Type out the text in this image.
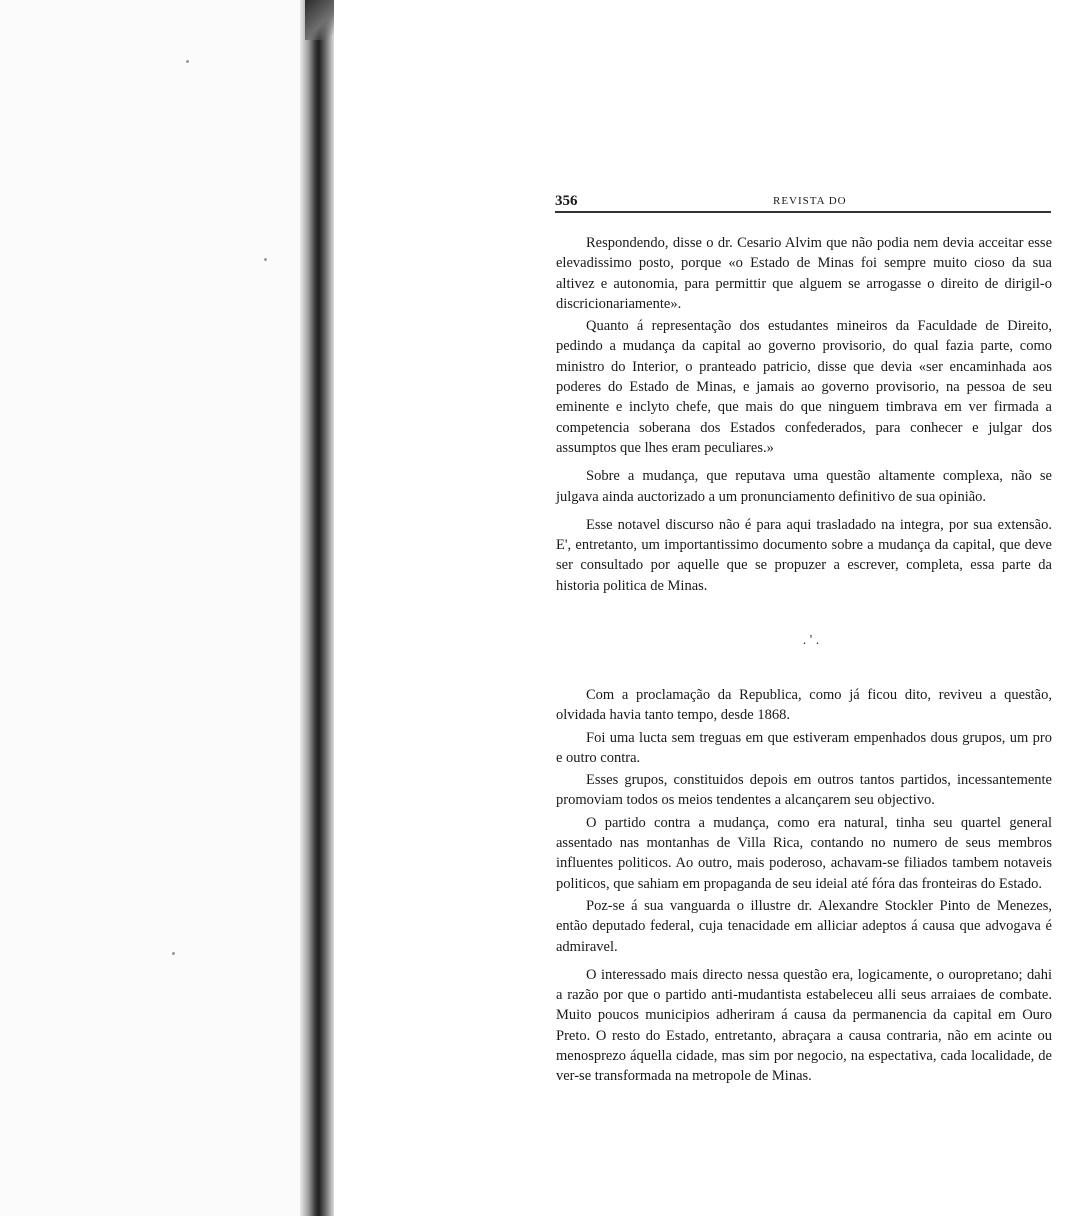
356	REVISTA DO

Respondendo, disse o dr. Cesario Alvim que não podia nem devia acceitar esse elevadissimo posto, porque «o Estado de Minas foi sempre muito cioso da sua altivez e autonomia, para permittir que alguem se arrogasse o direito de dirigil-o discricionariamente».

Quanto á representação dos estudantes mineiros da Faculdade de Direito, pedindo a mudança da capital ao governo provisorio, do qual fazia parte, como ministro do Interior, o pranteado patricio, disse que devia «ser encaminhada aos poderes do Estado de Minas, e jamais ao governo provisorio, na pessoa de seu eminente e inclyto chefe, que mais do que ninguem timbrava em ver firmada a competencia soberana dos Estados confederados, para conhecer e julgar dos assumptos que lhes eram peculiares.»

Sobre a mudança, que reputava uma questão altamente complexa, não se julgava ainda auctorizado a um pronunciamento definitivo de sua opinião.

Esse notavel discurso não é para aqui trasladado na integra, por sua extensão. E', entretanto, um importantissimo documento sobre a mudança da capital, que deve ser consultado por aquelle que se propuzer a escrever, completa, essa parte da historia politica de Minas.

. ' .

Com a proclamação da Republica, como já ficou dito, reviveu a questão, olvidada havia tanto tempo, desde 1868.

Foi uma lucta sem treguas em que estiveram empenhados dous grupos, um pro e outro contra.

Esses grupos, constituidos depois em outros tantos partidos, incessantemente promoviam todos os meios tendentes a alcançarem seu objectivo.

O partido contra a mudança, como era natural, tinha seu quartel general assentado nas montanhas de Villa Rica, contando no numero de seus membros influentes politicos. Ao outro, mais poderoso, achavam-se filiados tambem notaveis politicos, que sahiam em propaganda de seu ideial até fóra das fronteiras do Estado.

Poz-se á sua vanguarda o illustre dr. Alexandre Stockler Pinto de Menezes, então deputado federal, cuja tenacidade em alliciar adeptos á causa que advogava é admiravel.

O interessado mais directo nessa questão era, logicamente, o ouropretano; dahi a razão por que o partido anti-mudantista estabeleceu alli seus arraiaes de combate. Muito poucos municipios adheriram á causa da permanencia da capital em Ouro Preto. O resto do Estado, entretanto, abraçara a causa contraria, não em acinte ou menosprezo áquella cidade, mas sim por negocio, na espectativa, cada localidade, de ver-se transformada na metropole de Minas.
